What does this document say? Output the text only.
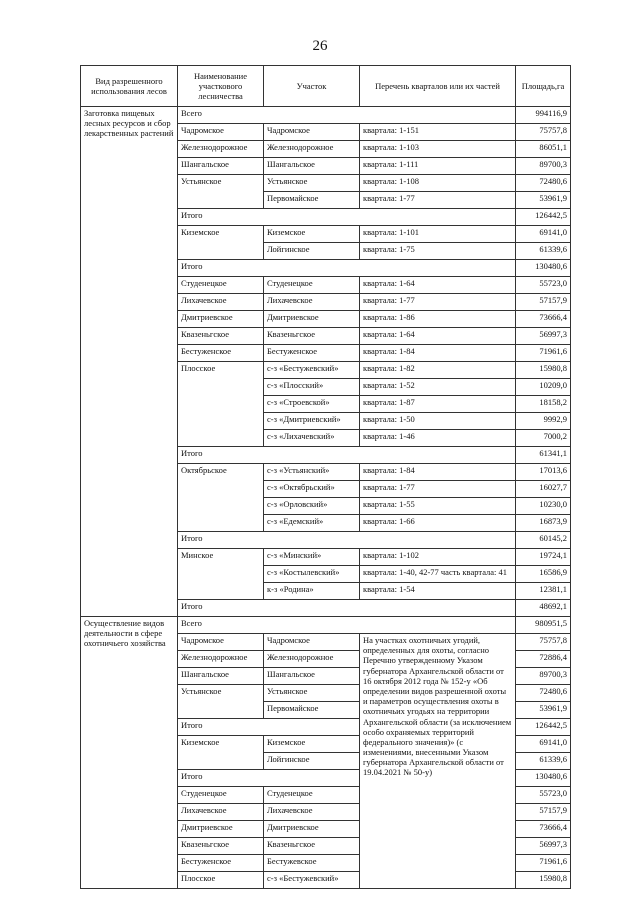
26
Вид разрешенного использования лесов	Наименование участкового лесничества	Участок	Перечень кварталов или их частей	Площадь,га
Заготовка пищевых лесных ресурсов и сбор лекарственных растений	Всего			994116,9
	Чадромское	Чадромское	квартала: 1-151	75757,8
	Железнодорожное	Железнодорожное	квартала: 1-103	86051,1
	Шангальское	Шангальское	квартала: 1-111	89700,3
	Устьянское	Устьянское	квартала: 1-108	72480,6
		Первомайское	квартала: 1-77	53961,9
	Итого			126442,5
	Киземское	Киземское	квартала: 1-101	69141,0
		Лойгинское	квартала: 1-75	61339,6
	Итого			130480,6
	Студенецкое	Студенецкое	квартала: 1-64	55723,0
	Лихачевское	Лихачевское	квартала: 1-77	57157,9
	Дмитриевское	Дмитриевское	квартала: 1-86	73666,4
	Квазеньгское	Квазеньгское	квартала: 1-64	56997,3
	Бестуженское	Бестуженское	квартала: 1-84	71961,6
	Плосское	с-з «Бестужевский»	квартала: 1-82	15980,8
		с-з «Плосский»	квартала: 1-52	10209,0
		с-з «Строевской»	квартала: 1-87	18158,2
		с-з «Дмитриевский»	квартала: 1-50	9992,9
		с-з «Лихачевский»	квартала: 1-46	7000,2
	Итого			61341,1
	Октябрьское	с-з «Устьянский»	квартала: 1-84	17013,6
		с-з «Октябрьский»	квартала: 1-77	16027,7
		с-з «Орловский»	квартала: 1-55	10230,0
		с-з «Едемский»	квартала: 1-66	16873,9
	Итого			60145,2
	Минское	с-з «Минский»	квартала: 1-102	19724,1
		с-з «Костылевский»	квартала: 1-40, 42-77 часть квартала: 41	16586,9
		к-з «Родина»	квартала: 1-54	12381,1
	Итого			48692,1
Осуществление видов деятельности в сфере охотничьего хозяйства	Всего			980951,5
	Чадромское	Чадромское	На участках охотничьих угодий, определенных для охоты, согласно Перечню утвержденному Указом губернатора Архангельской области от 16 октября 2012 года № 152-у «Об определении видов разрешенной охоты и параметров осуществления охоты в охотничьих угодьях на территории Архангельской области (за исключением особо охраняемых территорий федерального значения)» (с изменениями, внесенными Указом губернатора Архангельской области от 19.04.2021 № 50-у)	75757,8
	Железнодорожное	Железнодорожное		72886,4
	Шангальское	Шангальское		89700,3
	Устьянское	Устьянское		72480,6
		Первомайское		53961,9
	Итого			126442,5
	Киземское	Киземское		69141,0
		Лойгинское		61339,6
	Итого			130480,6
	Студенецкое	Студенецкое		55723,0
	Лихачевское	Лихачевское		57157,9
	Дмитриевское	Дмитриевское		73666,4
	Квазеньгское	Квазеньгское		56997,3
	Бестуженское	Бестужевское		71961,6
	Плосское	с-з «Бестужевский»		15980,8
